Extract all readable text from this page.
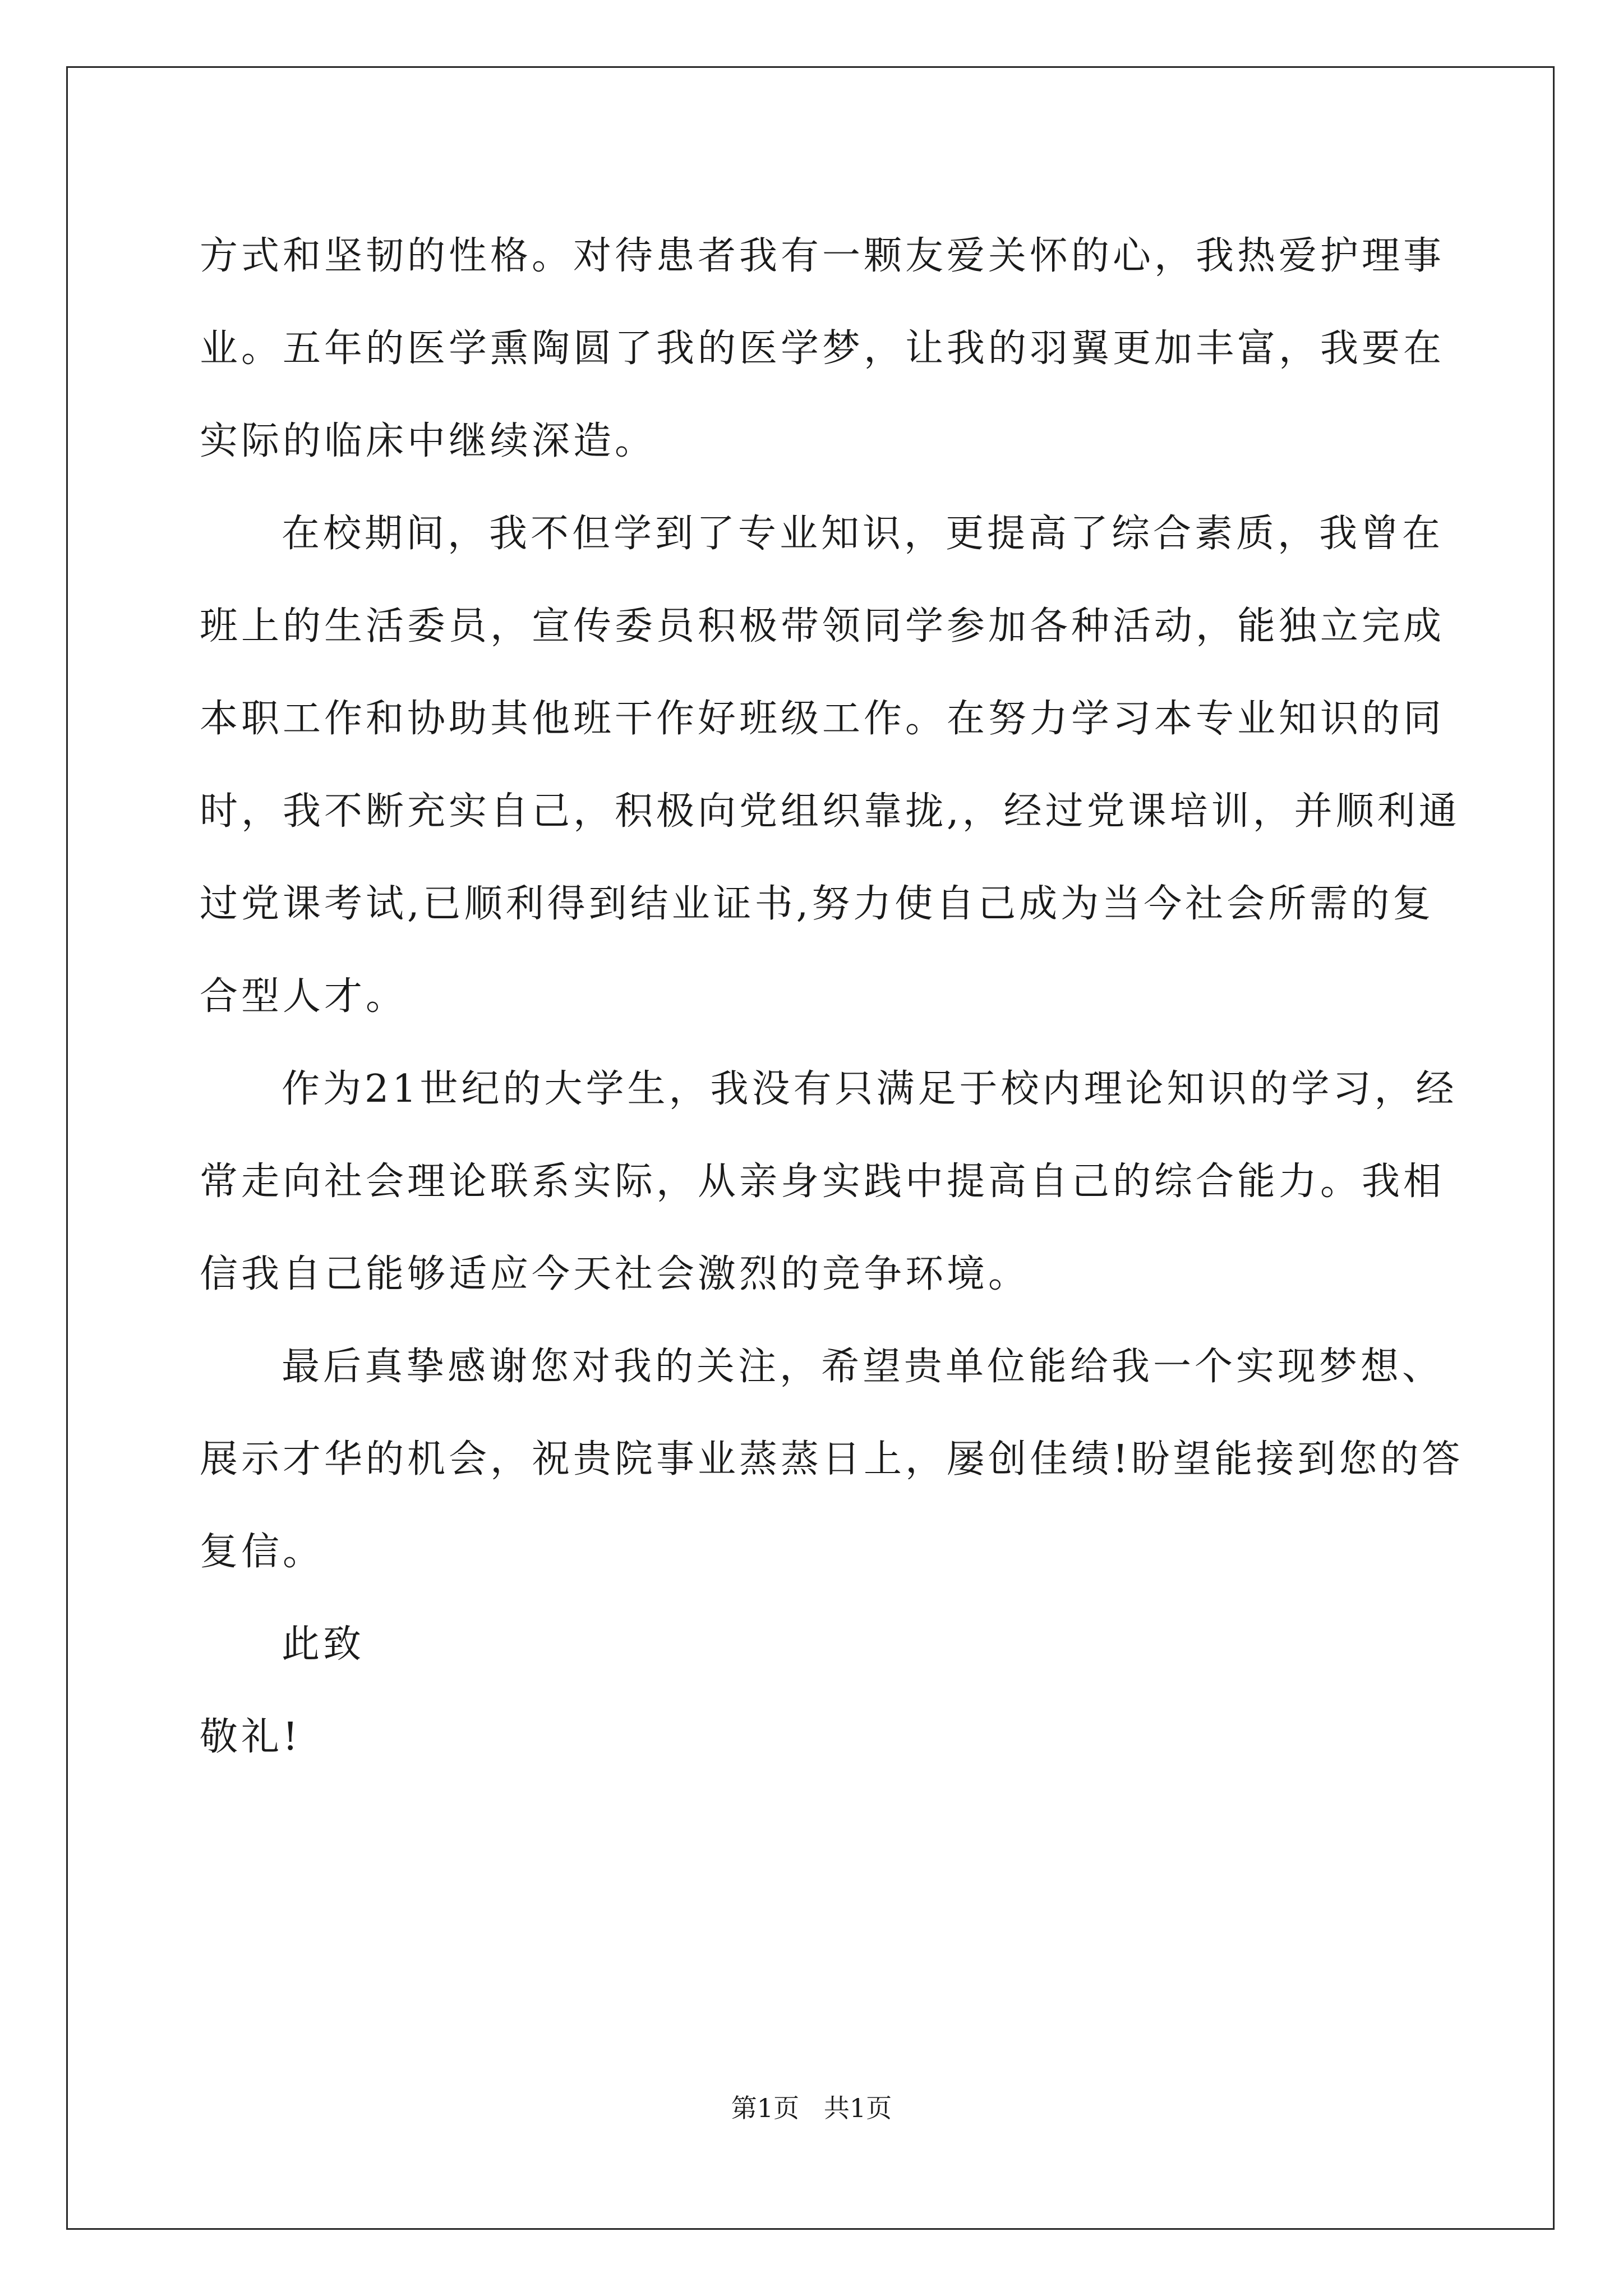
方式和坚韧的性格。对待患者我有一颗友爱关怀的心，我热爱护理事
业。五年的医学熏陶圆了我的医学梦，让我的羽翼更加丰富，我要在
实际的临床中继续深造。
在校期间，我不但学到了专业知识，更提高了综合素质，我曾在
班上的生活委员，宣传委员积极带领同学参加各种活动，能独立完成
本职工作和协助其他班干作好班级工作。在努力学习本专业知识的同
时，我不断充实自己，积极向党组织靠拢,，经过党课培训，并顺利通
过党课考试,已顺利得到结业证书,努力使自己成为当今社会所需的复
合型人才。
作为21世纪的大学生，我没有只满足于校内理论知识的学习，经
常走向社会理论联系实际，从亲身实践中提高自己的综合能力。我相
信我自己能够适应今天社会激烈的竞争环境。
最后真挚感谢您对我的关注，希望贵单位能给我一个实现梦想、
展示才华的机会，祝贵院事业蒸蒸日上，屡创佳绩!盼望能接到您的答
复信。
此致
敬礼!
第1页   共1页
